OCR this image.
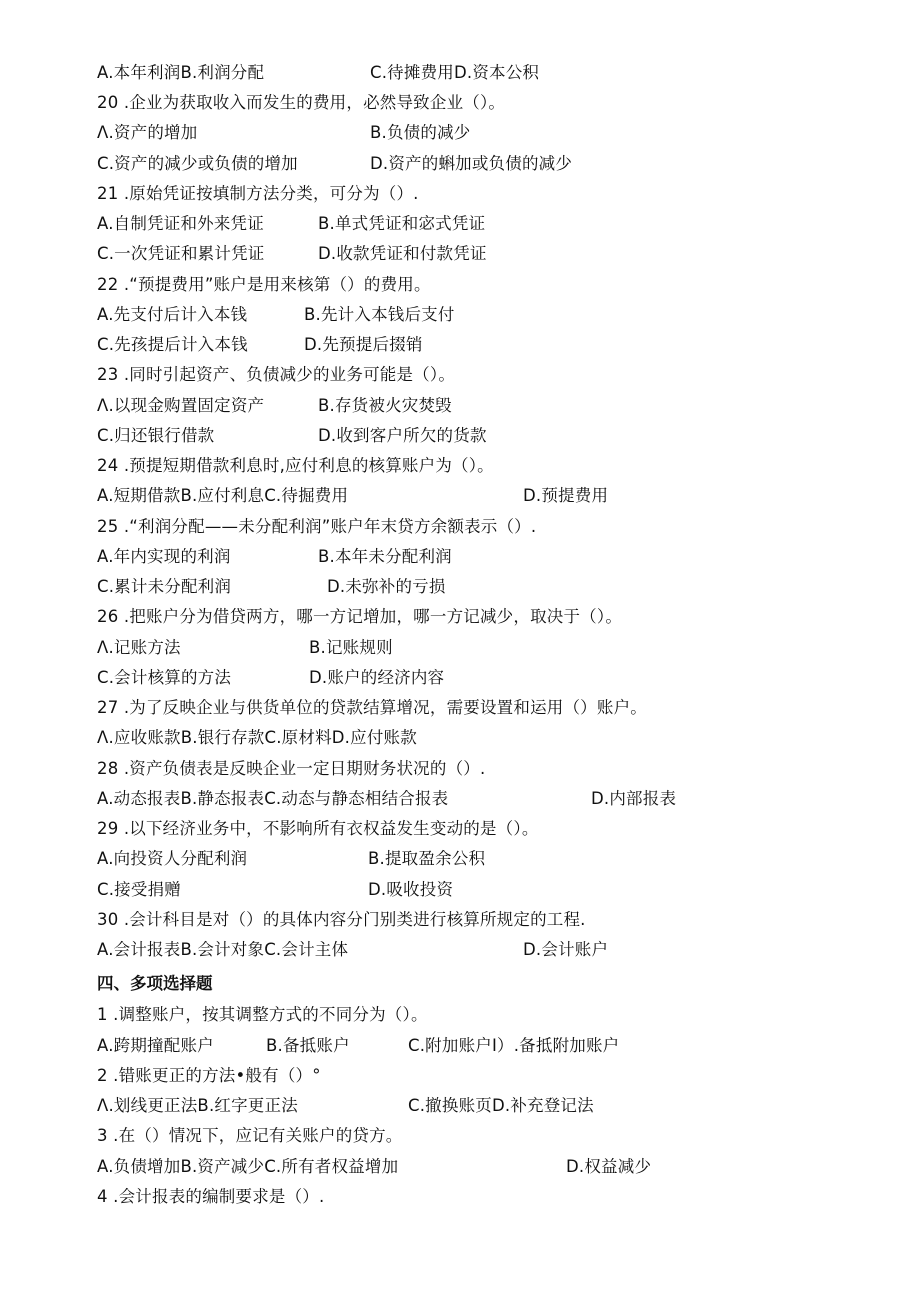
A.本年利润B.利润分配	C.待摊费用D.资本公积
20 .企业为获取收入而发生的费用，必然导致企业（）。
Λ.资产的增加	B.负债的减少
C.资产的减少或负债的增加	D.资产的蝌加或负债的减少
21 .原始凭证按填制方法分类，可分为（）.
A.自制凭证和外来凭证	B.单式凭证和宓式凭证
C.一次凭证和累计凭证	D.收款凭证和付款凭证
22 .“预提费用”账户是用来核第（）的费用。
A.先支付后计入本钱	B.先计入本钱后支付
C.先孩提后计入本钱	D.先预提后掇销
23 .同时引起资产、负债减少的业务可能是（）。
Λ.以现金购置固定资产	B.存货被火灾焚毁
C.归还银行借款	D.收到客户所欠的货款
24 .预提短期借款利息时,应付利息的核算账户为（）。
A.短期借款B.应付利息C.待掘费用	D.预提费用
25 .“利润分配——未分配利润”账户年末贷方余额表示（）.
A.年内实现的利润	B.本年未分配利润
C.累计未分配利润	D.未弥补的亏损
26 .把账户分为借贷两方，哪一方记增加，哪一方记减少，取决于（）。
Λ.记账方法	B.记账规则
C.会计核算的方法	D.账户的经济内容
27 .为了反映企业与供货单位的贷款结算增况，需要设置和运用（）账户。
Λ.应收账款B.银行存款C.原材料D.应付账款
28 .资产负债表是反映企业一定日期财务状况的（）.
A.动态报表B.静态报表C.动态与静态相结合报表	D.内部报表
29 .以下经济业务中，不影响所有衣权益发生变动的是（）。
A.向投资人分配利润	B.提取盈余公积
C.接受捐赠	D.吸收投资
30 .会计科目是对（）的具体内容分门别类进行核算所规定的工程.
A.会计报表B.会计对象C.会计主体	D.会计账户
四、多项选择题
1 .调整账户，按其调整方式的不同分为（）。
A.跨期撞配账户	B.备抵账户	C.附加账户I）.备抵附加账户
2 .错账更正的方法•般有（）°
Λ.划线更正法B.红字更正法	C.撤换账页D.补充登记法
3 .在（）情况下，应记有关账户的贷方。
A.负债增加B.资产减少C.所有者权益增加	D.权益减少
4 .会计报表的编制要求是（）.
